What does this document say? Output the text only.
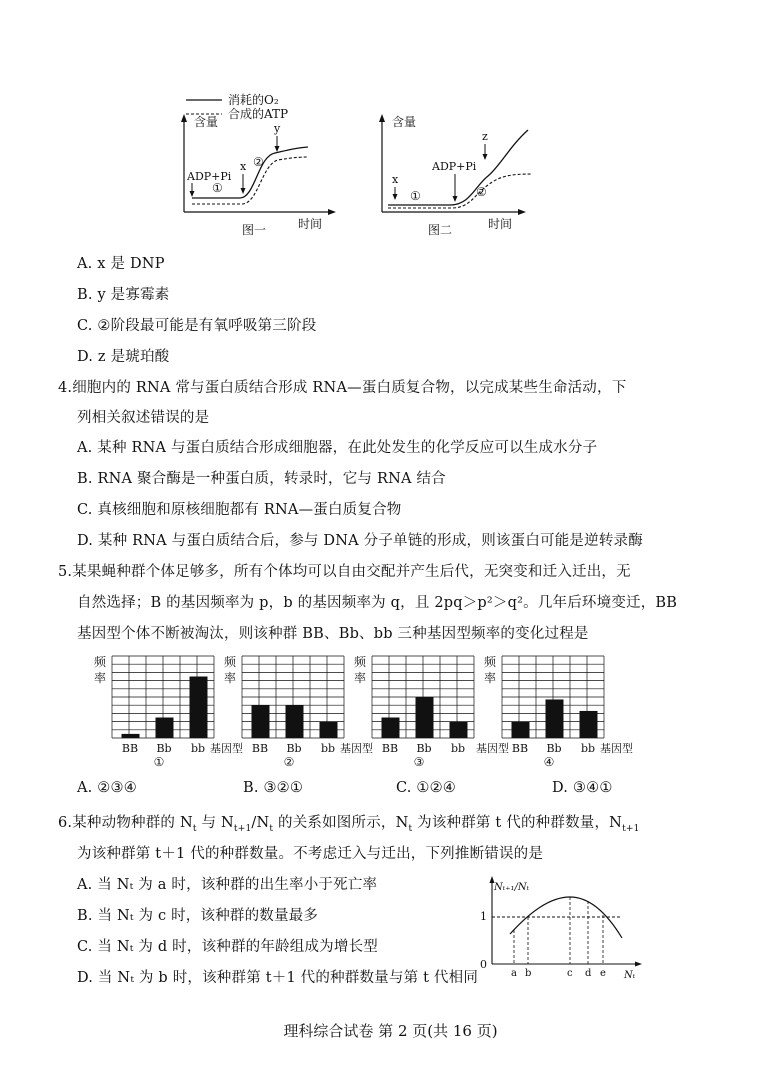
消耗的O₂
合成的ATP
含量
时间
图一
ADP+Pi
①
x ②
y	含量
时间
图二
x
①
ADP+Pi
②
z
A. x 是 DNP
B. y 是寡霉素
C. ②阶段最可能是有氧呼吸第三阶段
D. z 是琥珀酸
4.细胞内的 RNA 常与蛋白质结合形成 RNA—蛋白质复合物，以完成某些生命活动，下
列相关叙述错误的是
A. 某种 RNA 与蛋白质结合形成细胞器，在此处发生的化学反应可以生成水分子
B. RNA 聚合酶是一种蛋白质，转录时，它与 RNA 结合
C. 真核细胞和原核细胞都有 RNA—蛋白质复合物
D. 某种 RNA 与蛋白质结合后，参与 DNA 分子单链的形成，则该蛋白可能是逆转录酶
5.某果蝇种群个体足够多，所有个体均可以自由交配并产生后代，无突变和迁入迁出，无
自然选择；B 的基因频率为 p，b 的基因频率为 q，且 2pq＞p²＞q²。几年后环境变迁，BB
基因型个体不断被淘汰，则该种群 BB、Bb、bb 三种基因型频率的变化过程是
频
率
BB Bb bb 基因型
①
频
率
BB Bb bb 基因型
②
频
率
BB Bb bb 基因型
③
频
率
BB Bb bb 基因型
④
A. ②③④	B. ③②①	C. ①②④	D. ③④①
6.某种动物种群的 $N_t$ 与 $N_{t+1}/N_t$ 的关系如图所示，$N_t$ 为该种群第 t 代的种群数量，$N_{t+1}$
为该种群第 t＋1 代的种群数量。不考虑迁入与迁出，下列推断错误的是
A. 当 Nₜ 为 a 时，该种群的出生率小于死亡率
B. 当 Nₜ 为 c 时，该种群的数量最多
C. 当 Nₜ 为 d 时，该种群的年龄组成为增长型
D. 当 Nₜ 为 b 时，该种群第 t＋1 代的种群数量与第 t 代相同
Nₜ₊₁/Nₜ
Nₜ
1
0
a b	c d e
理科综合试卷 第 2 页(共 16 页)
